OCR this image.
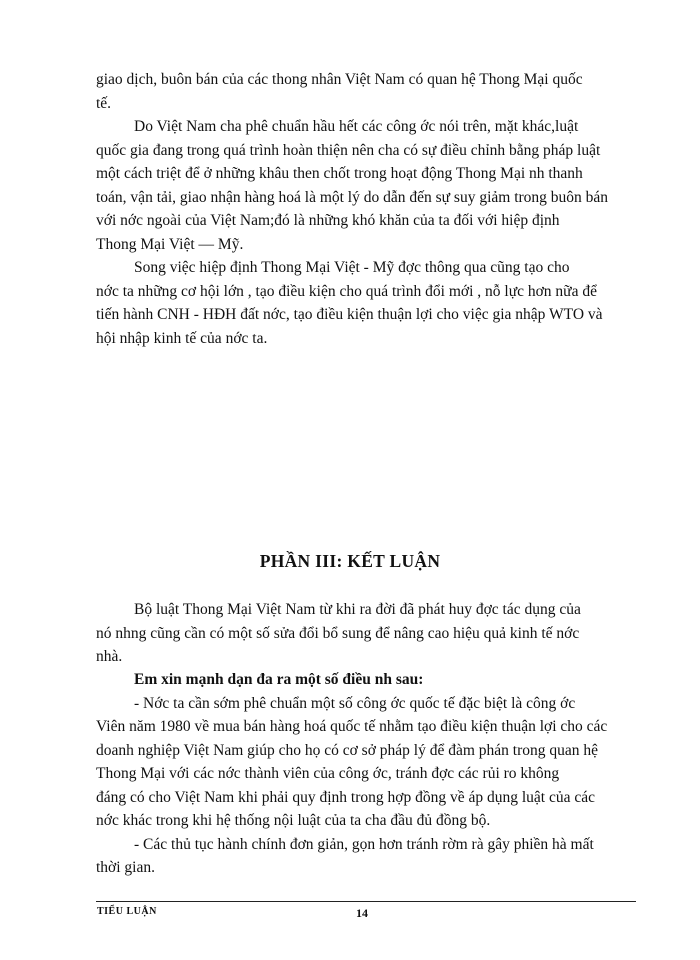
giao dịch, buôn bán của các thong nhân Việt Nam có quan hệ Thong Mại quốc
tế.

Do Việt Nam cha phê chuẩn hầu hết các công ớc nói trên, mặt khác,luật
quốc gia đang trong quá trình hoàn thiện nên cha có sự điều chỉnh bằng pháp luật
một cách triệt để ở những khâu then chốt trong hoạt động Thong Mại nh thanh
toán, vận tải, giao nhận hàng hoá là một lý do dẫn đến sự suy giảm trong buôn bán
với nớc ngoài của Việt Nam;đó là những khó khăn của ta đối với hiệp định
Thong Mại Việt — Mỹ.

Song việc hiệp định Thong Mại Việt - Mỹ đợc thông qua cũng tạo cho
nớc ta những cơ hội lớn , tạo điều kiện cho quá trình đổi mới , nỗ lực hơn nữa để
tiến hành CNH - HĐH đất nớc, tạo điều kiện thuận lợi cho việc gia nhập WTO và
hội nhập kinh tế của nớc ta.

PHẦN III: KẾT LUẬN

Bộ luật Thong Mại Việt Nam từ khi ra đời đã phát huy đợc tác dụng của
nó nhng cũng cần có một số sửa đổi bổ sung để nâng cao hiệu quả kinh tế nớc
nhà.

Em xin mạnh dạn đa ra một số điều nh sau:
- Nớc ta cần sớm phê chuẩn một số công ớc quốc tế đặc biệt là công ớc
Viên năm 1980 về mua bán hàng hoá quốc tế nhằm tạo điều kiện thuận lợi cho các
doanh nghiệp Việt Nam giúp cho họ có cơ sở pháp lý để đàm phán trong quan hệ
Thong Mại với các nớc thành viên của công ớc, tránh đợc các rủi ro không
đáng có cho Việt Nam khi phải quy định trong hợp đồng về áp dụng luật của các
nớc khác trong khi hệ thống nội luật của ta cha đầu đủ đồng bộ.
- Các thủ tục hành chính đơn giản, gọn hơn tránh rờm rà gây phiền hà mất
thời gian.

TIỂU LUẬN	14
